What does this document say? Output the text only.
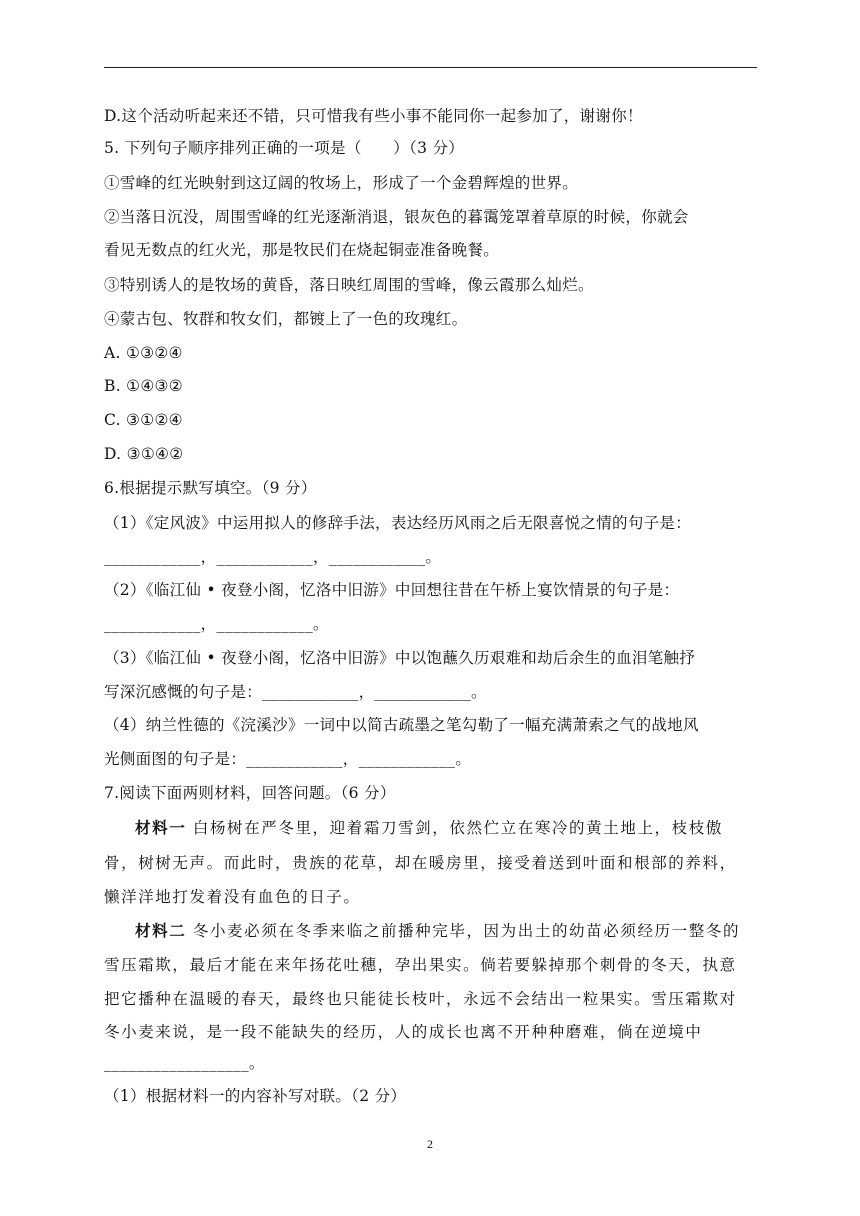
D.这个活动听起来还不错，只可惜我有些小事不能同你一起参加了，谢谢你！
5. 下列句子顺序排列正确的一项是（　　）（3 分）
①雪峰的红光映射到这辽阔的牧场上，形成了一个金碧辉煌的世界。
②当落日沉没，周围雪峰的红光逐渐消退，银灰色的暮霭笼罩着草原的时候，你就会
看见无数点的红火光，那是牧民们在烧起铜壶准备晚餐。
③特别诱人的是牧场的黄昏，落日映红周围的雪峰，像云霞那么灿烂。
④蒙古包、牧群和牧女们，都镀上了一色的玫瑰红。
A. ①③②④
B. ①④③②
C. ③①②④
D. ③①④②
6.根据提示默写填空。（9 分）
（1）《定风波》中运用拟人的修辞手法，表达经历风雨之后无限喜悦之情的句子是：
____________，____________，____________。
（2）《临江仙 • 夜登小阁，忆洛中旧游》中回想往昔在午桥上宴饮情景的句子是：
____________，____________。
（3）《临江仙 • 夜登小阁，忆洛中旧游》中以饱蘸久历艰难和劫后余生的血泪笔触抒
写深沉感慨的句子是：____________，____________。
（4）纳兰性德的《浣溪沙》一词中以简古疏墨之笔勾勒了一幅充满萧索之气的战地风
光侧面图的句子是：____________，____________。
7.阅读下面两则材料，回答问题。（6 分）
材料一 白杨树在严冬里，迎着霜刀雪剑，依然伫立在寒冷的黄土地上，枝枝傲
骨，树树无声。而此时，贵族的花草，却在暖房里，接受着送到叶面和根部的养料，
懒洋洋地打发着没有血色的日子。
材料二 冬小麦必须在冬季来临之前播种完毕，因为出土的幼苗必须经历一整冬的
雪压霜欺，最后才能在来年扬花吐穗，孕出果实。倘若要躲掉那个刺骨的冬天，执意
把它播种在温暖的春天，最终也只能徒长枝叶，永远不会结出一粒果实。雪压霜欺对
冬小麦来说，是一段不能缺失的经历，人的成长也离不开种种磨难，倘在逆境中
__________________。
（1）根据材料一的内容补写对联。（2 分）
2
